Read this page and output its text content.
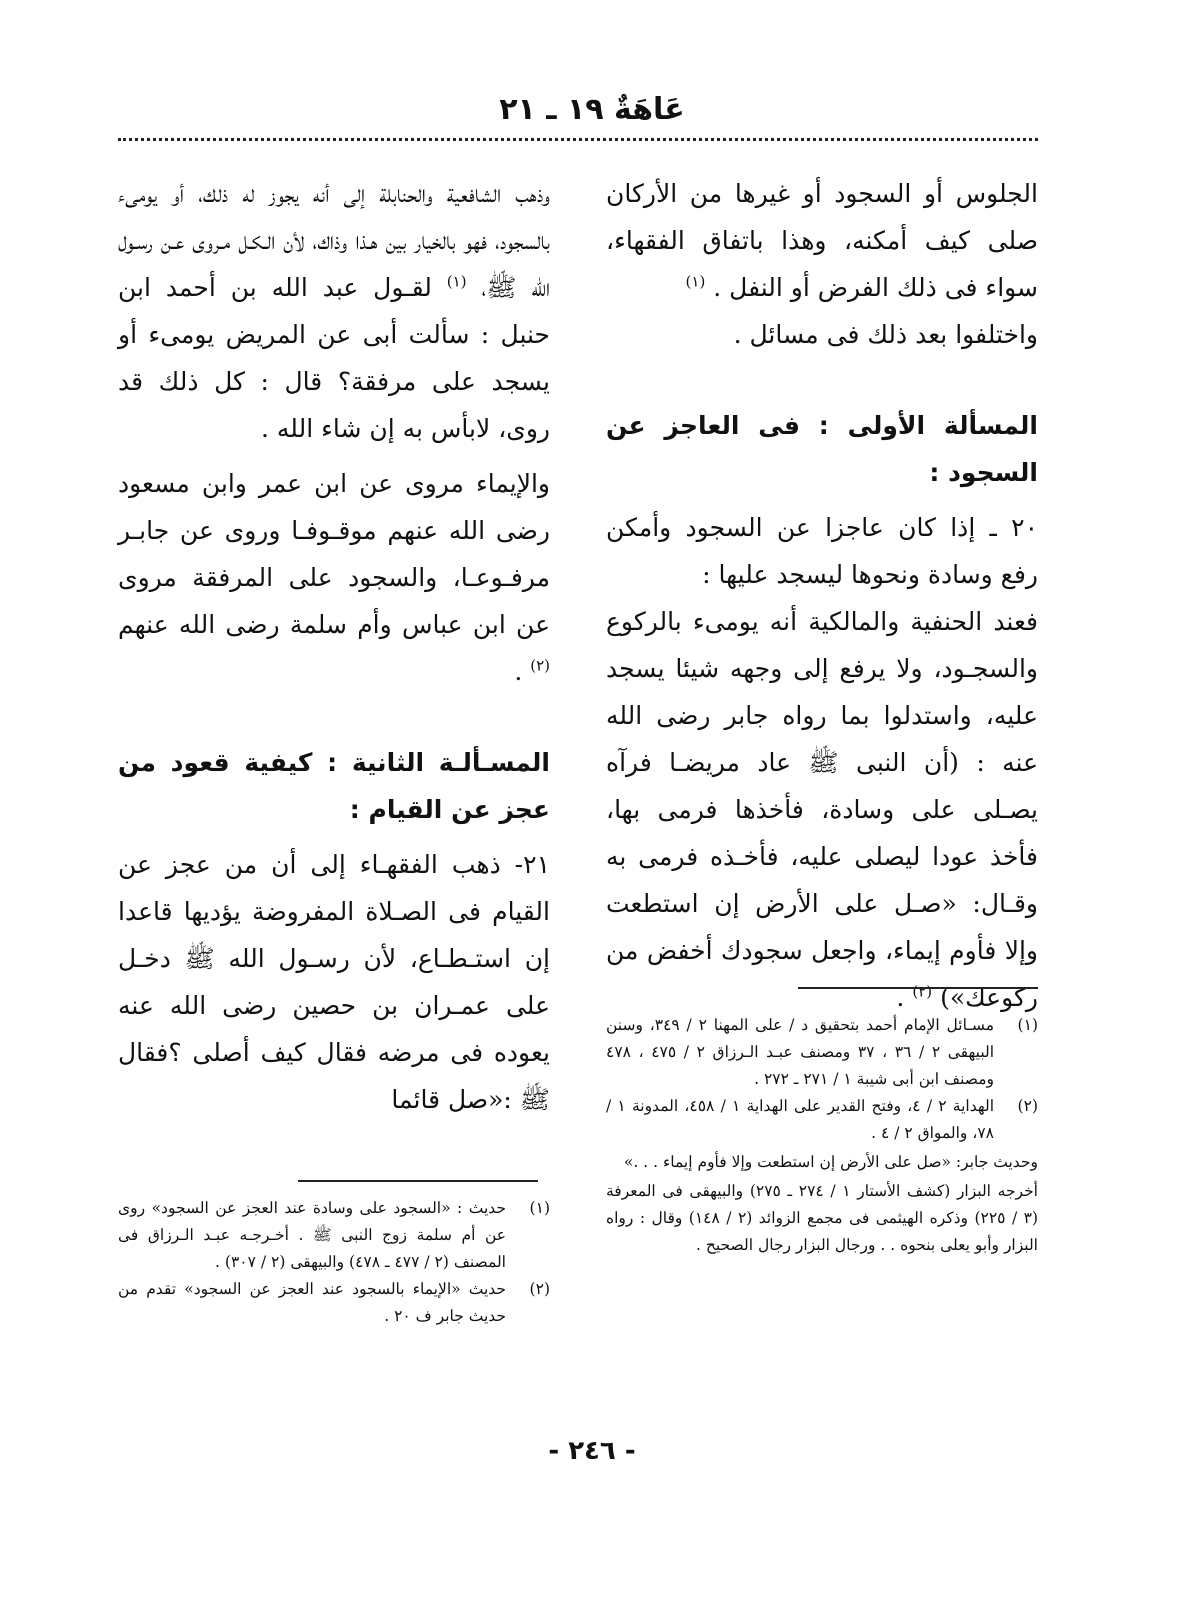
عَاهَةٌ ١٩ ـ ٢١

الجلوس أو السجود أو غيرها من الأركان صلى كيف أمكنه، وهذا باتفاق الفقهاء، سواء فى ذلك الفرض أو النفل . $^{(١)}$

واختلفوا بعد ذلك فى مسائل .

المسألة الأولى : فى العاجز عن السجود :

٢٠ ـ إذا كان عاجزا عن السجود وأمكن رفع وسادة ونحوها ليسجد عليها :

فعند الحنفية والمالكية أنه يومىء بالركوع والسجـود، ولا يرفع إلى وجهه شيئا يسجد عليه، واستدلوا بما رواه جابر رضى الله عنه : (أن النبى ﷺ عاد مريضـا فرآه يصـلى على وسادة، فأخذها فرمى بها، فأخذ عودا ليصلى عليه، فأخـذه فرمى به وقـال: «صـل على الأرض إن استطعت وإلا فأوم إيماء، واجعل سجودك أخفض من ركوعك») $^{(٢)}$ .

وذهب الشافعية والحنابلة إلى أنه يجوز له ذلك، أو يومىء بالسجود، فهو بالخيار بين هـذا وذاك، لأن الـكـل مـروى عـن رسـول الله ﷺ، $^{(١)}$ لقـول عبد الله بن أحمد ابن حنبل : سألت أبى عن المريض يومىء أو يسجد على مرفقة؟ قال : كل ذلك قد روى، لابأس به إن شاء الله .

والإيماء مروى عن ابن عمر وابن مسعود رضى الله عنهم موقـوفـا وروى عن جابـر مرفـوعـا، والسجود على المرفقة مروى عن ابن عباس وأم سلمة رضى الله عنهم $^{(٢)}$ .

المسـألـة الثانية : كيفية قعود من عجز عن القيام :

٢١- ذهب الفقهـاء إلى أن من عجز عن القيام فى الصـلاة المفروضة يؤديها قاعدا إن استـطـاع، لأن رسـول الله ﷺ دخـل على عمـران بن حصين رضى الله عنه يعوده فى مرضه فقال كيف أصلى ؟فقال ﷺ :«صل قائما

(١)

مسـائل الإمام أحمد بتحقيق د / على المهنا ٢ / ٣٤٩، وسنن البيهقى ٢ / ٣٦ ، ٣٧ ومصنف عبـد الـرزاق ٢ / ٤٧٥ ، ٤٧٨ ومصنف ابن أبى شيبة ١ / ٢٧١ ـ ٢٧٢ .

(٢)

الهداية ٢ / ٤، وفتح القدير على الهداية ١ / ٤٥٨، المدونة ١ / ٧٨، والمواق ٢ / ٤ .

وحديث جابر: «صل على الأرض إن استطعت وإلا فأوم إيماء . . .»

أخرجه البزار (كشف الأستار ١ / ٢٧٤ ـ ٢٧٥) والبيهقى فى المعرفة (٣ / ٢٢٥) وذكره الهيثمى فى مجمع الزوائد (٢ / ١٤٨) وقال : رواه البزار وأبو يعلى بنحوه . . ورجال البزار رجال الصحيح .

(١)

حديث : «السجود على وسادة عند العجز عن السجود» روى عن أم سلمة زوج النبى ﷺ . أخـرجـه عبـد الـرزاق فى المصنف (٢ / ٤٧٧ ـ ٤٧٨) والبيهقى (٢ / ٣٠٧) .

(٢)

حديث «الإيماء بالسجود عند العجز عن السجود» تقدم من حديث جابر ف ٢٠ .

- ٢٤٦ -
